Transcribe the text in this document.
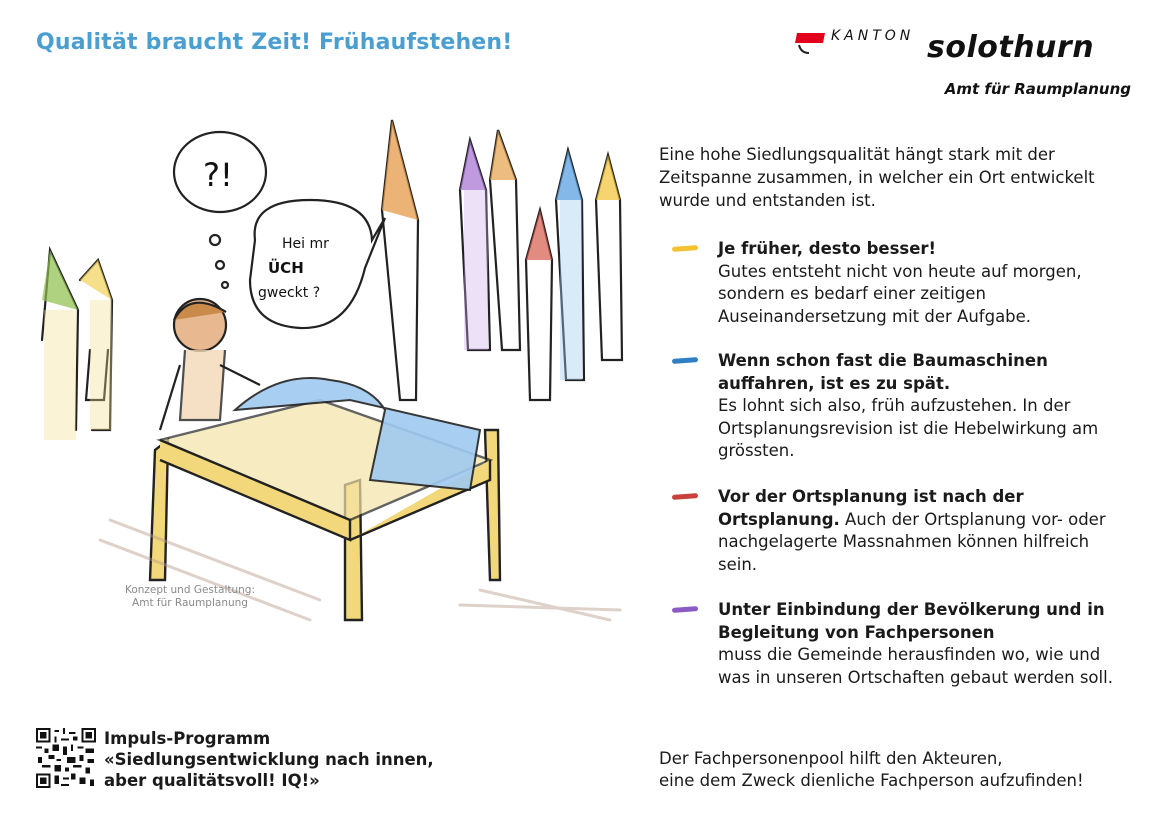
Qualität braucht Zeit! Frühaufstehen!	KANTON solothurn
Amt für Raumplanung
?!
Hei mr
ÜCH
gweckt ?
Konzept und Gestaltung:
Amt für Raumplanung
Eine hohe Siedlungsqualität hängt stark mit der Zeitspanne zusammen, in welcher ein Ort entwickelt wurde und entstanden ist.
Je früher, desto besser!
Gutes entsteht nicht von heute auf morgen, sondern es bedarf einer zeitigen Auseinandersetzung mit der Aufgabe.
Wenn schon fast die Baumaschinen auffahren, ist es zu spät.
Es lohnt sich also, früh aufzustehen. In der Ortsplanungsrevision ist die Hebelwirkung am grössten.
Vor der Ortsplanung ist nach der Ortsplanung. Auch der Ortsplanung vor- oder nachgelagerte Massnahmen können hilfreich sein.
Unter Einbindung der Bevölkerung und in Begleitung von Fachpersonen
muss die Gemeinde herausfinden wo, wie und was in unseren Ortschaften gebaut werden soll.
Impuls-Programm
«Siedlungsentwicklung nach innen,
aber qualitätsvoll! IQ!»
Der Fachpersonenpool hilft den Akteuren,
eine dem Zweck dienliche Fachperson aufzufinden!
